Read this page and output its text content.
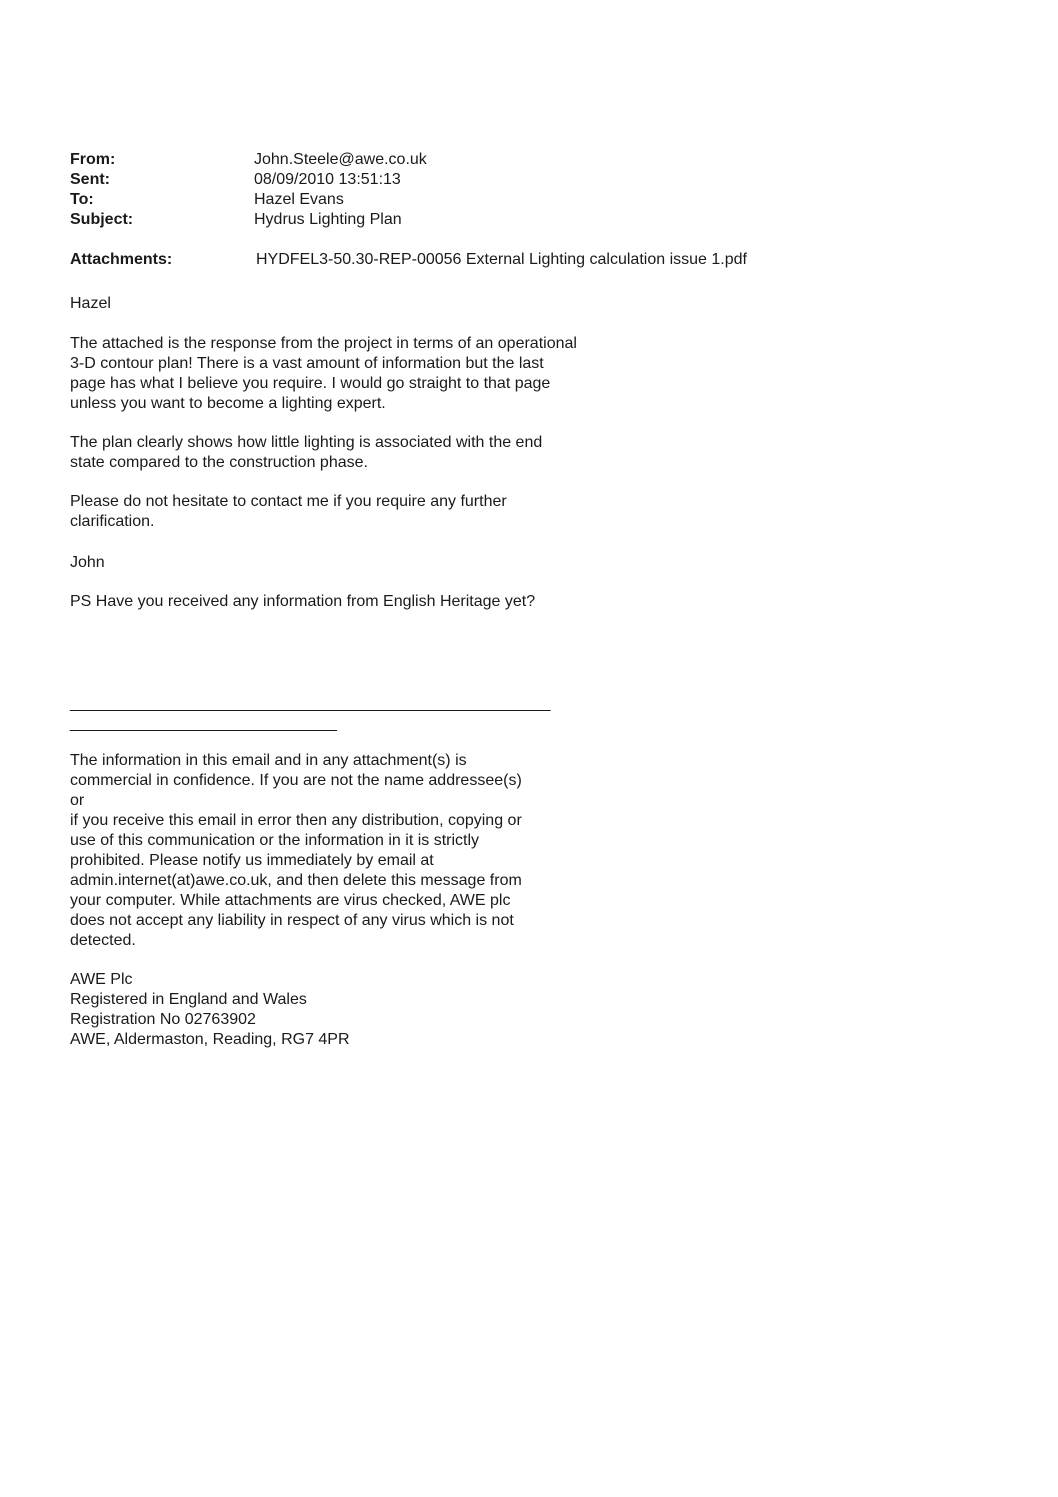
From:	John.Steele@awe.co.uk
Sent:	08/09/2010 13:51:13
To:	Hazel Evans
Subject:	Hydrus Lighting Plan
Attachments:	HYDFEL3-50.30-REP-00056 External Lighting calculation issue 1.pdf
Hazel
The attached is the response from the project in terms of an operational
3-D contour plan! There is a vast amount of information but the last
page has what I believe you require. I would go straight to that page
unless you want to become a lighting expert.
The plan clearly shows how little lighting is associated with the end
state compared to the construction phase.
Please do not hesitate to contact me if you require any further
clarification.
John
PS Have you received any information from English Heritage yet?
______________________________________________________
______________________________
The information in this email and in any attachment(s) is
commercial in confidence. If you are not the name addressee(s)
or
if you receive this email in error then any distribution, copying or
use of this communication or the information in it is strictly
prohibited. Please notify us immediately by email at
admin.internet(at)awe.co.uk, and then delete this message from
your computer. While attachments are virus checked, AWE plc
does not accept any liability in respect of any virus which is not
detected.
AWE Plc
Registered in England and Wales
Registration No 02763902
AWE, Aldermaston, Reading, RG7 4PR
